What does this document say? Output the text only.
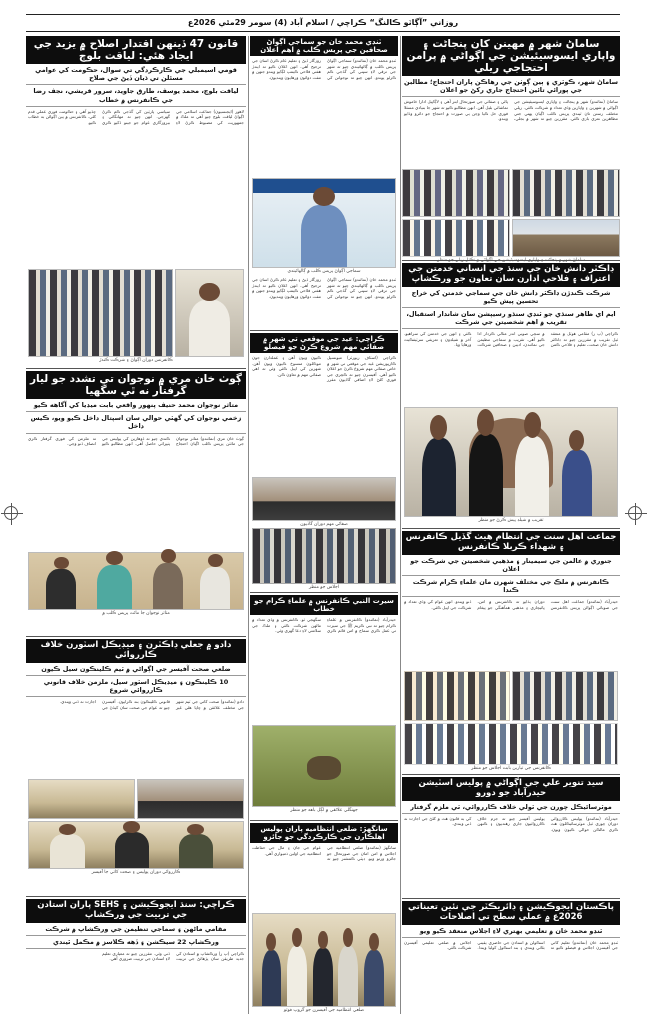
روزاني ”آڳاٽو ڪالنگ“ ڪراچي / اسلام آباد (4) سومر 29مئي 2026ع
ساماڻ شهر ۾ مهينن کان پنجاڻت ۽ واپاري ايسوسيئيشن جي اڳواڻي ۾ پرامن احتجاجي ريلي
ساماڻ شهر، ڪوٽري ۽ ٻين ڳوٺن جي رهاڪن پاران احتجاج؛ مطالبن جي پورائي تائين احتجاج جاري رکڻ جو اعلان
ساماڻ (نمائندو) شهر ۾ پنجاڻت ۽ واپاري ايسوسيئيشن جي اڳواڻي ۾ شهرين ۽ واپارين وڏي تعداد ۾ شرڪت ڪئي. ريلي مختلف رستن تان ٿيندي پريس ڪلب اڳيان پهتي جتي مظاهرين نعري بازي ڪئي. مقررين چيو ته شهر ۾ بجلي، پاڻي ۽ صفائي جي صورتحال ابتر آهي ۽ لاڳاپيل ادارا خاموش تماشائي بڻيل آهن. انهن مطالبو ڪيو ته شهر جا بنيادي مسئلا فوري حل ڪيا وڃن ٻي صورت ۾ احتجاج جو دائرو وڌايو ويندو.
ساماڻ شهر ۾ پنجاڻت ۽ واپاري ايسوسيئيشن جي اڳواڻي ۾ نڪتل ريلي جو منظر
ڊاڪٽر دانش خان جي سنڌ جي انساني خدمتن جي اعتراف ۽ فلاحي ادارن سان تعاون جو ورڪشاپ
شرڪت ڪندڙن ڊاڪٽر دانش خان جي سماجي خدمتن کي خراج تحسين پيش ڪيو
ايم اي ظاهر سنڌي جو ٽنڊي سنڌو رسيپشن سان شاندار استقبال، تقريب ۾ اهم شخصيتن جي شرڪت
ڪراچي (پ ر) مقامي هوٽل ۾ منعقد ٿيل تقريب ۾ مقررين چيو ته ڊاڪٽر دانش خان صحت، تعليم ۽ فلاحي ڪمن ۾ سڄي صوبي اندر مثالي ڪردار ادا ڪيو آهي. تقريب ۾ سماجي تنظيمن جي نمائندن، اديبن ۽ صحافين شرڪت ڪئي ۽ انهن جي خدمتن کي سراهيو. آخر ۾ شيلڊون ۽ تعريفي سرٽيفڪيٽ ورهايا ويا.
تقريب ۾ شيلڊ پيش ڪرڻ جو منظر
جماعت اهل سنت جي انتظام هيٺ گڏيل ڪانفرنس ۽ شهداء ڪربلا ڪانفرنس
جنوري ۾ عالمن جي سيمينار ۽ مذهبي شخصيتن جي شرڪت جو اعلان
ڪانفرنس ۾ ملڪ جي مختلف شهرن مان علماءِ ڪرام شرڪت ڪندا
حيدرآباد (نمائندو) جماعت اهل سنت جي صوبائي اڳواڻن پريس ڪانفرنس دوران ٻڌايو ته ڪانفرنس ۾ امن، ڀائيچاري ۽ مذهبي همآهنگي جو پيغام ڏنو ويندو. انهن عوام کي وڏي تعداد ۾ شرڪت جي اپيل ڪئي.
ڪانفرنس جي تيارين بابت اجلاس جو منظر
سيد تنوير علي جي اڳواڻي ۾ پوليس اسٽيشن حيدرآباد جو دورو
موٽرسائيڪل چورن جي ٽولي خلاف ڪارروائي، ٽي ملزم گرفتار
حيدرآباد (نمائندو) پوليس ڪارروائي دوران چوري ٿيل موٽرسائيڪلون هٿ ڪري مالڪن حوالي ڪيون ويون. پوليس آفيسر چيو ته جرم خلاف ڪارروائيون جاري رهنديون ۽ ڪنهن کي به قانون هٿ ۾ کڻڻ جي اجازت نه ڏني ويندي.
پاڪستان ايجوڪيشن ۽ ڊائريڪٽر جي نئين تعيناتي 2026ع ۾ عملي سطح تي اصلاحات
ٽنڊو محمد خان ۾ تعليمي بهتري لاءِ اجلاس منعقد ڪيو ويو
ٽنڊو محمد خان (نمائندو) تعليم کاتي جي آفيسرن اجلاس ۾ فيصلو ڪيو ته اسڪولن ۾ استادن جي حاضري يقيني بڻائي ويندي ۽ بند اسڪول کوليا ويندا. اجلاس ۾ ضلعي تعليمي آفيسرن شرڪت ڪئي.
ٽنڊي محمد خان جو سماجي اڳواڻ صحافين جي پريس ڪلب ۾ اهم اعلان
ٽنڊو محمد خان (نمائندو) سماجي اڳواڻ پريس ڪلب ۾ ڳالهائيندي چيو ته شهر جي ترقي لاءِ سڀني کي گڏجي ڪم ڪرڻو پوندو. انهن چيو ته نوجوانن کي روزگار ڏيڻ ۽ تعليم عام ڪرڻ اسان جي ترجيح آهي. انهن اعلان ڪيو ته ايندڙ هفتي فلاحي ڪيمپ لڳايو ويندو جنهن ۾ مفت دوائون ورهايون وينديون.
سماجي اڳواڻ پريس ڪلب ۾ ڳالهائيندي
ٽنڊو محمد خان (نمائندو) سماجي اڳواڻ پريس ڪلب ۾ ڳالهائيندي چيو ته شهر جي ترقي لاءِ سڀني کي گڏجي ڪم ڪرڻو پوندو. انهن چيو ته نوجوانن کي روزگار ڏيڻ ۽ تعليم عام ڪرڻ اسان جي ترجيح آهي. انهن اعلان ڪيو ته ايندڙ هفتي فلاحي ڪيمپ لڳايو ويندو جنهن ۾ مفت دوائون ورهايون وينديون.
ڪراچي: عيد جي موقعي تي شهر ۾ صفائي مهم شروع ڪرڻ جو فيصلو
ڪراچي (اسٽاف رپورٽر) ميونسپل ڪارپوريشن عيد جي موقعي تي شهر ۾ خاص صفائي مهم شروع ڪرڻ جو اعلان ڪيو آهي. آفيسرن چيو ته ڪچري جي فوري کڻڻ لاءِ اضافي گاڏيون مقرر ڪيون ويون آهن ۽ عملدارن جون موڪلون منسوخ ڪيون ويون آهن. شهرين کي اپيل ڪئي وئي ته اهي صفائي مهم ۾ تعاون ڪن.
صفائي مهم دوران گاڏيون
اجلاس جو منظر
سيرت النبي ڪانفرنس ۾ علماءِ ڪرام جو خطاب
حيدرآباد (نمائندو) ڪانفرنس ۾ علماءِ ڪرام چيو ته نبي ڪريم ﷺ جي سيرت تي عمل ڪري سماج ۾ امن قائم ڪري سگهجي ٿو. ڪانفرنس ۾ وڏي تعداد ۾ ماڻهن شرڪت ڪئي ۽ ملڪ جي سلامتي لاءِ دعا گهري وئي.
جهنگلي علائقي ۾ لڳل باهه جو منظر
سانگهڙ: ضلعي انتظاميه پاران پوليس اهلڪارن جي ڪارڪردگي جو جائزو
سانگهڙ (نمائندو) ضلعي انتظاميه جي اجلاس ۾ امن امان جي صورتحال جو جائزو ورتو ويو. ڊپٽي ڪمشنر چيو ته عوام جي جان ۽ مال جي حفاظت انتظاميه جي اولين ذميواري آهي.
ضلعي انتظاميه جي آفيسرن جو گروپ فوٽو
قانون 47 ڏينهن اقتدار اصلاح ۾ يزيد جي ايجاد هئي: لياقت بلوچ
قومي اسيمبلي جي ڪارڪردگي تي سوال، حڪومت کي عوامي مسئلن تي ڌيان ڏيڻ جي صلاح
لياقت بلوچ، محمد يوسف، طارق جاويد، سرور قريشي، نجف رضا جي ڪانفرنس ۾ خطاب
لاهور (ايجنسيون) جماعت اسلامي جي اڳواڻ لياقت بلوچ چيو آهي ته ملڪ ۾ جمهوريت کي مضبوط ڪرڻ لاءِ سياسي پارٽين کي گڏجي ڪم ڪرڻ گهرجي. انهن چيو ته مهانگائي ۽ بيروزگاري عوام جو جينو ڏکيو ڪري ڇڏيو آهي ۽ حڪومت فوري عملي قدم کڻي. ڪانفرنس ۾ ٻين اڳواڻن به خطاب ڪيو.
ڪانفرنس دوران اڳواڻ ۽ شرڪت ڪندڙ
ڳوٺ خان مري ۾ نوجوان تي تشدد جو ليار گرفتار نه ٿي سگهيا
متاثر نوجوان محمد حنيف پنهور واقعي بابت ميڊيا کي آگاهه ڪيو
زخمي نوجوان کي گهٽي حوالي سان اسپتال داخل ڪيو ويو، ڪيس داخل
ڳوٺ خان مري (نمائندو) متاثر نوجوان جي مائٽن پريس ڪلب اڳيان احتجاج ڪندي چيو ته ڏوهارين کي پوليس جي پٺڀرائي حاصل آهي. انهن مطالبو ڪيو ته ملزمن کي فوري گرفتار ڪري انصاف ڏنو وڃي.
متاثر نوجوان جا مائٽ پريس ڪلب ۾
دادو ۾ جعلي ڊاڪٽرن ۽ ميڊيڪل اسٽورن خلاف ڪارروائي
ضلعي صحت آفيسر جي اڳواڻي ۾ ٽيم ڪلينڪون سيل ڪيون
10 ڪلينڪون ۽ ميڊيڪل اسٽور سيل، ملزمن خلاف قانوني ڪارروائي شروع
دادو (نمائندو) صحت کاتي جي ٽيم شهر جي مختلف علائقن ۾ ڇاپا هڻي غير قانوني ڪلينڪون بند ڪرايون. آفيسرن چيو ته عوام جي صحت سان کيڏڻ جي اجازت نه ڏني ويندي.
ڪارروائي دوران پوليس ۽ صحت کاتي جا آفيسر
ڪراچي: سنڌ ايجوڪيشن ۽ SEHS پاران استادن جي تربيت جي ورڪشاپ
مقامي ماڻهن ۽ سماجي تنظيمن جي ورڪشاپ ۾ شرڪت
ورڪشاپ 22 سيڪشن ۽ ڏهه ڪلاسز ۾ مڪمل ٿيندي
ڪراچي (پ ر) ورڪشاپ ۾ استادن کي جديد طريقن سان پڙهائڻ جي تربيت ڏني وئي. مقررين چيو ته معياري تعليم لاءِ استادن جي تربيت ضروري آهي.
